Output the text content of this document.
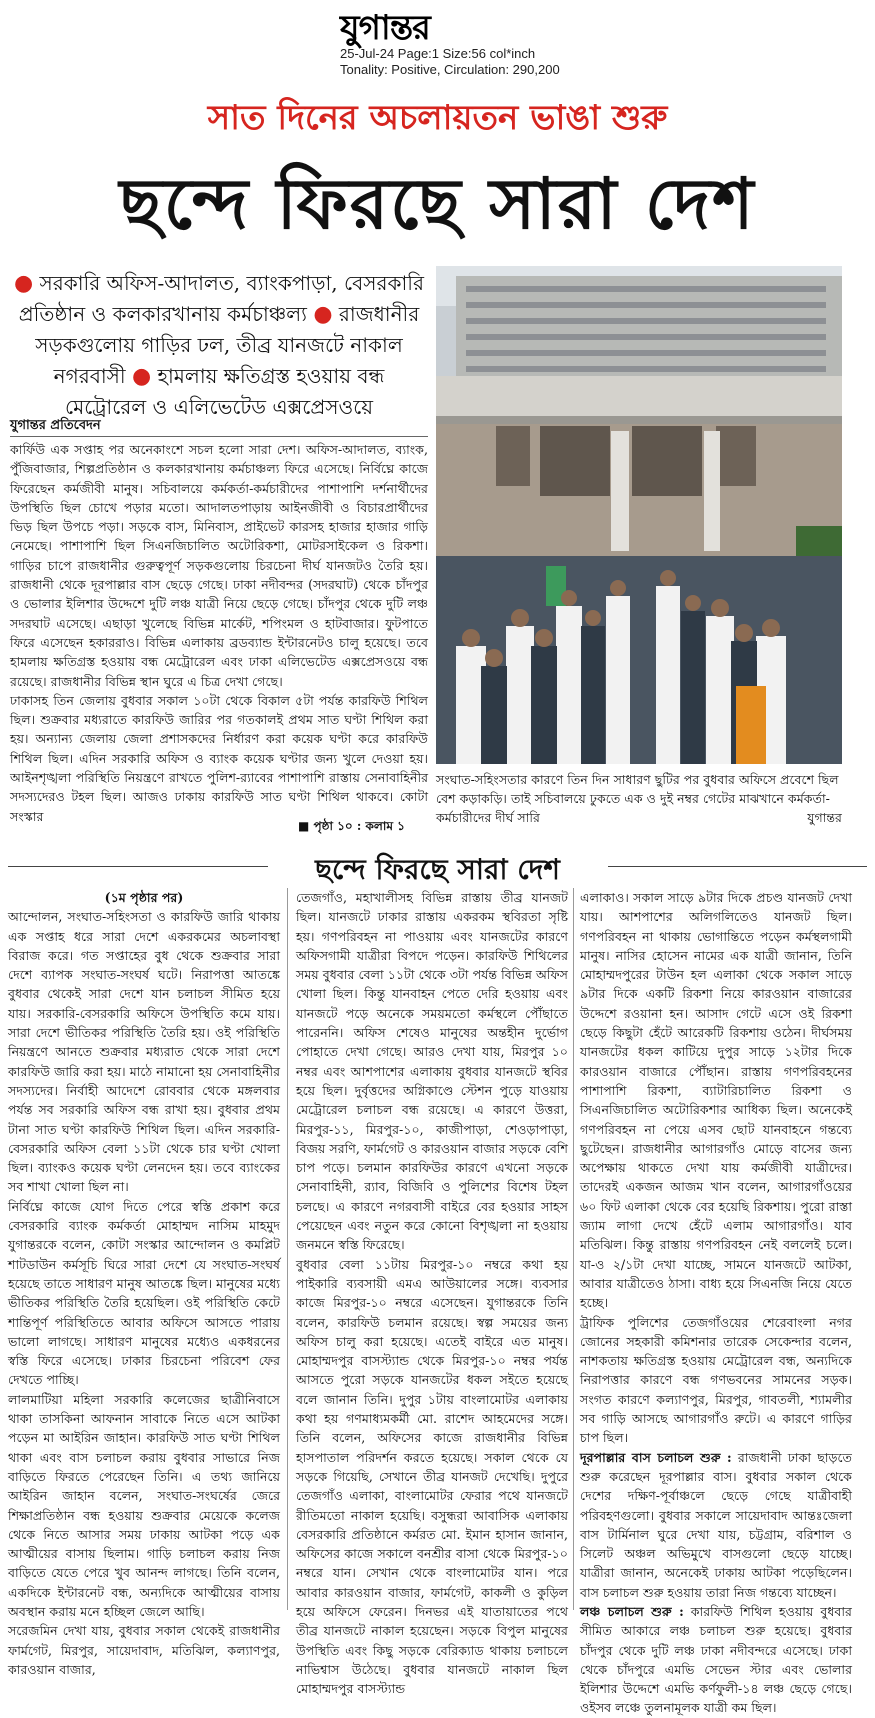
যুগান্তর
25-Jul-24 Page:1 Size:56 col*inch
Tonality: Positive, Circulation: 290,200
সাত দিনের অচলায়তন ভাঙা শুরু
ছন্দে ফিরছে সারা দেশ
● সরকারি অফিস-আদালত, ব্যাংকপাড়া, বেসরকারি প্রতিষ্ঠান ও কলকারখানায় কর্মচাঞ্চল্য ● রাজধানীর সড়কগুলোয় গাড়ির ঢল, তীব্র যানজটে নাকাল নগরবাসী ● হামলায় ক্ষতিগ্রস্ত হওয়ায় বন্ধ মেট্রোরেল ও এলিভেটেড এক্সপ্রেসওয়ে
সংঘাত-সহিংসতার কারণে তিন দিন সাধারণ ছুটির পর বুধবার অফিসে প্রবেশে ছিল বেশ কড়াকড়ি। তাই সচিবালয়ে ঢুকতে এক ও দুই নম্বর গেটের মাঝখানে কর্মকর্তা-কর্মচারীদের দীর্ঘ সারি	যুগান্তর
যুগান্তর প্রতিবেদন

কার্ফিউ এক সপ্তাহ পর অনেকাংশে সচল হলো সারা দেশ। অফিস-আদালত, ব্যাংক, পুঁজিবাজার, শিল্পপ্রতিষ্ঠান ও কলকারখানায় কর্মচাঞ্চল্য ফিরে এসেছে। নির্বিঘ্নে কাজে ফিরেছেন কর্মজীবী মানুষ। সচিবালয়ে কর্মকর্তা-কর্মচারীদের পাশাপাশি দর্শনার্থীদের উপস্থিতি ছিল চোখে পড়ার মতো। আদালতপাড়ায় আইনজীবী ও বিচারপ্রার্থীদের ভিড় ছিল উপচে পড়া। সড়কে বাস, মিনিবাস, প্রাইভেট কারসহ হাজার হাজার গাড়ি নেমেছে। পাশাপাশি ছিল সিএনজিচালিত অটোরিকশা, মোটরসাইকেল ও রিকশা। গাড়ির চাপে রাজধানীর গুরুত্বপূর্ণ সড়কগুলোয় চিরচেনা দীর্ঘ যানজটও তৈরি হয়। রাজধানী থেকে দূরপাল্লার বাস ছেড়ে গেছে। ঢাকা নদীবন্দর (সদরঘাট) থেকে চাঁদপুর ও ভোলার ইলিশার উদ্দেশে দুটি লঞ্চ যাত্রী নিয়ে ছেড়ে গেছে। চাঁদপুর থেকে দুটি লঞ্চ সদরঘাট এসেছে। এছাড়া খুলেছে বিভিন্ন মার্কেট, শপিংমল ও হাটবাজার। ফুটপাতে ফিরে এসেছেন হকাররাও। বিভিন্ন এলাকায় ব্রডব্যান্ড ইন্টারনেটও চালু হয়েছে। তবে হামলায় ক্ষতিগ্রস্ত হওয়ায় বন্ধ মেট্রোরেল এবং ঢাকা এলিভেটেড এক্সপ্রেসওয়ে বন্ধ রয়েছে। রাজধানীর বিভিন্ন স্থান ঘুরে এ চিত্র দেখা গেছে।

ঢাকাসহ তিন জেলায় বুধবার সকাল ১০টা থেকে বিকাল ৫টা পর্যন্ত কারফিউ শিথিল ছিল। শুক্রবার মধ্যরাতে কারফিউ জারির পর গতকালই প্রথম সাত ঘণ্টা শিথিল করা হয়। অন্যান্য জেলায় জেলা প্রশাসকদের নির্ধারণ করা কয়েক ঘণ্টা করে কারফিউ শিথিল ছিল। এদিন সরকারি অফিস ও ব্যাংক কয়েক ঘণ্টার জন্য খুলে দেওয়া হয়। আইনশৃঙ্খলা পরিস্থিতি নিয়ন্ত্রণে রাখতে পুলিশ-র‌্যাবের পাশাপাশি রাস্তায় সেনাবাহিনীর সদস্যদেরও টহল ছিল। আজও ঢাকায় কারফিউ সাত ঘণ্টা শিথিল থাকবে। কোটা সংস্কার

■ পৃষ্ঠা ১০ : কলাম ১
ছন্দে ফিরছে সারা দেশ
(১ম পৃষ্ঠার পর)
আন্দোলন, সংঘাত-সহিংসতা ও কারফিউ জারি থাকায় এক সপ্তাহ ধরে সারা দেশে একরকমের অচলাবস্থা বিরাজ করে। গত সপ্তাহের বুধ থেকে শুক্রবার সারা দেশে ব্যাপক সংঘাত-সংঘর্ষ ঘটে। নিরাপত্তা আতঙ্কে বুধবার থেকেই সারা দেশে যান চলাচল সীমিত হয়ে যায়। সরকারি-বেসরকারি অফিসে উপস্থিতি কমে যায়। সারা দেশে ভীতিকর পরিস্থিতি তৈরি হয়। ওই পরিস্থিতি নিয়ন্ত্রণে আনতে শুক্রবার মধ্যরাত থেকে সারা দেশে কারফিউ জারি করা হয়। মাঠে নামানো হয় সেনাবাহিনীর সদস্যদের। নির্বাহী আদেশে রোববার থেকে মঙ্গলবার পর্যন্ত সব সরকারি অফিস বন্ধ রাখা হয়। বুধবার প্রথম টানা সাত ঘণ্টা কারফিউ শিথিল ছিল। এদিন সরকারি-বেসরকারি অফিস বেলা ১১টা থেকে চার ঘণ্টা খোলা ছিল। ব্যাংকও কয়েক ঘণ্টা লেনদেন হয়। তবে ব্যাংকের সব শাখা খোলা ছিল না।
নির্বিঘ্নে কাজে যোগ দিতে পেরে স্বস্তি প্রকাশ করে বেসরকারি ব্যাংক কর্মকর্তা মোহাম্মদ নাসিম মাহমুদ যুগান্তরকে বলেন, কোটা সংস্কার আন্দোলন ও কমপ্লিট শাটডাউন কর্মসূচি ঘিরে সারা দেশে যে সংঘাত-সংঘর্ষ হয়েছে তাতে সাধারণ মানুষ আতঙ্কে ছিল। মানুষের মধ্যে ভীতিকর পরিস্থিতি তৈরি হয়েছিল। ওই পরিস্থিতি কেটে শান্তিপূর্ণ পরিস্থিতিতে আবার অফিসে আসতে পারায় ভালো লাগছে। সাধারণ মানুষের মধ্যেও একধরনের স্বস্তি ফিরে এসেছে। ঢাকার চিরচেনা পরিবেশ ফের দেখতে পাচ্ছি।
লালমাটিয়া মহিলা সরকারি কলেজের ছাত্রীনিবাসে থাকা তাসকিনা আফনান সাবাকে নিতে এসে আটকা পড়েন মা আইরিন জাহান। কারফিউ সাত ঘণ্টা শিথিল থাকা এবং বাস চলাচল করায় বুধবার সাভারে নিজ বাড়িতে ফিরতে পেরেছেন তিনি। এ তথ্য জানিয়ে আইরিন জাহান বলেন, সংঘাত-সংঘর্ষের জেরে শিক্ষাপ্রতিষ্ঠান বন্ধ হওয়ায় শুক্রবার মেয়েকে কলেজ থেকে নিতে আসার সময় ঢাকায় আটকা পড়ে এক আত্মীয়ের বাসায় ছিলাম। গাড়ি চলাচল করায় নিজ বাড়িতে যেতে পেরে খুব আনন্দ লাগছে। তিনি বলেন, একদিকে ইন্টারনেট বন্ধ, অন্যদিকে আত্মীয়ের বাসায় অবস্থান করায় মনে হচ্ছিল জেলে আছি।
সরেজমিন দেখা যায়, বুধবার সকাল থেকেই রাজধানীর ফার্মগেট, মিরপুর, সায়েদাবাদ, মতিঝিল, কল্যাণপুর, কারওয়ান বাজার,
তেজগাঁও, মহাখালীসহ বিভিন্ন রাস্তায় তীব্র যানজট ছিল। যানজটে ঢাকার রাস্তায় একরকম স্থবিরতা সৃষ্টি হয়। গণপরিবহন না পাওয়ায় এবং যানজটের কারণে অফিসগামী যাত্রীরা বিপদে পড়েন। কারফিউ শিথিলের সময় বুধবার বেলা ১১টা থেকে ৩টা পর্যন্ত বিভিন্ন অফিস খোলা ছিল। কিন্তু যানবাহন পেতে দেরি হওয়ায় এবং যানজটে পড়ে অনেকে সময়মতো কর্মস্থলে পৌঁছাতে পারেননি। অফিস শেষেও মানুষের অন্তহীন দুর্ভোগ পোহাতে দেখা গেছে। আরও দেখা যায়, মিরপুর ১০ নম্বর এবং আশপাশের এলাকায় বুধবার যানজটে স্থবির হয়ে ছিল। দুর্বৃত্তদের অগ্নিকাণ্ডে স্টেশন পুড়ে যাওয়ায় মেট্রোরেল চলাচল বন্ধ রয়েছে। এ কারণে উত্তরা, মিরপুর-১১, মিরপুর-১০, কাজীপাড়া, শেওড়াপাড়া, বিজয় সরণি, ফার্মগেট ও কারওয়ান বাজার সড়কে বেশি চাপ পড়ে। চলমান কারফিউর কারণে এখনো সড়কে সেনাবাহিনী, র‌্যাব, বিজিবি ও পুলিশের বিশেষ টহল চলছে। এ কারণে নগরবাসী বাইরে বের হওয়ার সাহস পেয়েছেন এবং নতুন করে কোনো বিশৃঙ্খলা না হওয়ায় জনমনে স্বস্তি ফিরেছে।
বুধবার বেলা ১১টায় মিরপুর-১০ নম্বরে কথা হয় পাইকারি ব্যবসায়ী এমএ আউয়ালের সঙ্গে। ব্যবসার কাজে মিরপুর-১০ নম্বরে এসেছেন। যুগান্তরকে তিনি বলেন, কারফিউ চলমান রয়েছে। স্বল্প সময়ের জন্য অফিস চালু করা হয়েছে। এতেই বাইরে এত মানুষ। মোহাম্মদপুর বাসস্ট্যান্ড থেকে মিরপুর-১০ নম্বর পর্যন্ত আসতে পুরো সড়কে যানজটের ধকল সইতে হয়েছে বলে জানান তিনি। দুপুর ১টায় বাংলামোটর এলাকায় কথা হয় গণমাধ্যমকর্মী মো. রাশেদ আহমেদের সঙ্গে। তিনি বলেন, অফিসের কাজে রাজধানীর বিভিন্ন হাসপাতাল পরিদর্শন করতে হয়েছে। সকাল থেকে যে সড়কে গিয়েছি, সেখানে তীব্র যানজট দেখেছি। দুপুরে তেজগাঁও এলাকা, বাংলামোটর ফেরার পথে যানজটে রীতিমতো নাকাল হয়েছি। বসুন্ধরা আবাসিক এলাকায় বেসরকারি প্রতিষ্ঠানে কর্মরত মো. ইমান হাসান জানান, অফিসের কাজে সকালে বনশ্রীর বাসা থেকে মিরপুর-১০ নম্বরে যান। সেখান থেকে বাংলামোটর যান। পরে আবার কারওয়ান বাজার, ফার্মগেট, কাকলী ও কুড়িল হয়ে অফিসে ফেরেন। দিনভর এই যাতায়াতের পথে তীব্র যানজটে নাকাল হয়েছেন। সড়কে বিপুল মানুষের উপস্থিতি এবং কিছু সড়কে বেরিক্যাড থাকায় চলাচলে নাভিশ্বাস উঠেছে। বুধবার যানজটে নাকাল ছিল মোহাম্মদপুর বাসস্ট্যান্ড
এলাকাও। সকাল সাড়ে ৯টার দিকে প্রচণ্ড যানজট দেখা যায়। আশপাশের অলিগলিতেও যানজট ছিল। গণপরিবহন না থাকায় ভোগান্তিতে পড়েন কর্মস্থলগামী মানুষ। নাসির হোসেন নামের এক যাত্রী জানান, তিনি মোহাম্মদপুরের টাউন হল এলাকা থেকে সকাল সাড়ে ৯টার দিকে একটি রিকশা নিয়ে কারওয়ান বাজারের উদ্দেশে রওয়ানা হন। আসাদ গেটে এসে ওই রিকশা ছেড়ে কিছুটা হেঁটে আরেকটি রিকশায় ওঠেন। দীর্ঘসময় যানজটের ধকল কাটিয়ে দুপুর সাড়ে ১২টার দিকে কারওয়ান বাজারে পৌঁছান। রাস্তায় গণপরিবহনের পাশাপাশি রিকশা, ব্যাটারিচালিত রিকশা ও সিএনজিচালিত অটোরিকশার আধিক্য ছিল। অনেকেই গণপরিবহন না পেয়ে এসব ছোট যানবাহনে গন্তব্যে ছুটেছেন। রাজধানীর আগারগাঁও মোড়ে বাসের জন্য অপেক্ষায় থাকতে দেখা যায় কর্মজীবী যাত্রীদের। তাদেরই একজন আজম খান বলেন, আগারগাঁওয়ের ৬০ ফিট এলাকা থেকে বের হয়েছি রিকশায়। পুরো রাস্তা জ্যাম লাগা দেখে হেঁটে এলাম আগারগাঁও। যাব মতিঝিল। কিন্তু রাস্তায় গণপরিবহন নেই বললেই চলে। যা-ও ২/১টা দেখা যাচ্ছে, সামনে যানজটে আটকা, আবার যাত্রীতেও ঠাসা। বাধ্য হয়ে সিএনজি নিয়ে যেতে হচ্ছে।
ট্রাফিক পুলিশের তেজগাঁওয়ের শেরেবাংলা নগর জোনের সহকারী কমিশনার তারেক সেকেন্দার বলেন, নাশকতায় ক্ষতিগ্রস্ত হওয়ায় মেট্রোরেল বন্ধ, অন্যদিকে নিরাপত্তার কারণে বন্ধ গণভবনের সামনের সড়ক। সংগত কারণে কল্যাণপুর, মিরপুর, গাবতলী, শ্যামলীর সব গাড়ি আসছে আগারগাঁও রুটে। এ কারণে গাড়ির চাপ ছিল।
দূরপাল্লার বাস চলাচল শুরু : রাজধানী ঢাকা ছাড়তে শুরু করেছেন দূরপাল্লার বাস। বুধবার সকাল থেকে দেশের দক্ষিণ-পূর্বাঞ্চলে ছেড়ে গেছে যাত্রীবাহী পরিবহণগুলো। বুধবার সকালে সায়েদাবাদ আন্তঃজেলা বাস টার্মিনাল ঘুরে দেখা যায়, চট্টগ্রাম, বরিশাল ও সিলেট অঞ্চল অভিমুখে বাসগুলো ছেড়ে যাচ্ছে। যাত্রীরা জানান, অনেকেই ঢাকায় আটকা পড়েছিলেন। বাস চলাচল শুরু হওয়ায় তারা নিজ গন্তব্যে যাচ্ছেন।
লঞ্চ চলাচল শুরু : কারফিউ শিথিল হওয়ায় বুধবার সীমিত আকারে লঞ্চ চলাচল শুরু হয়েছে। বুধবার চাঁদপুর থেকে দুটি লঞ্চ ঢাকা নদীবন্দরে এসেছে। ঢাকা থেকে চাঁদপুরে এমভি সেভেন স্টার এবং ভোলার ইলিশার উদ্দেশে এমভি কর্ণফুলী-১৪ লঞ্চ ছেড়ে গেছে। ওইসব লঞ্চে তুলনামূলক যাত্রী কম ছিল।
